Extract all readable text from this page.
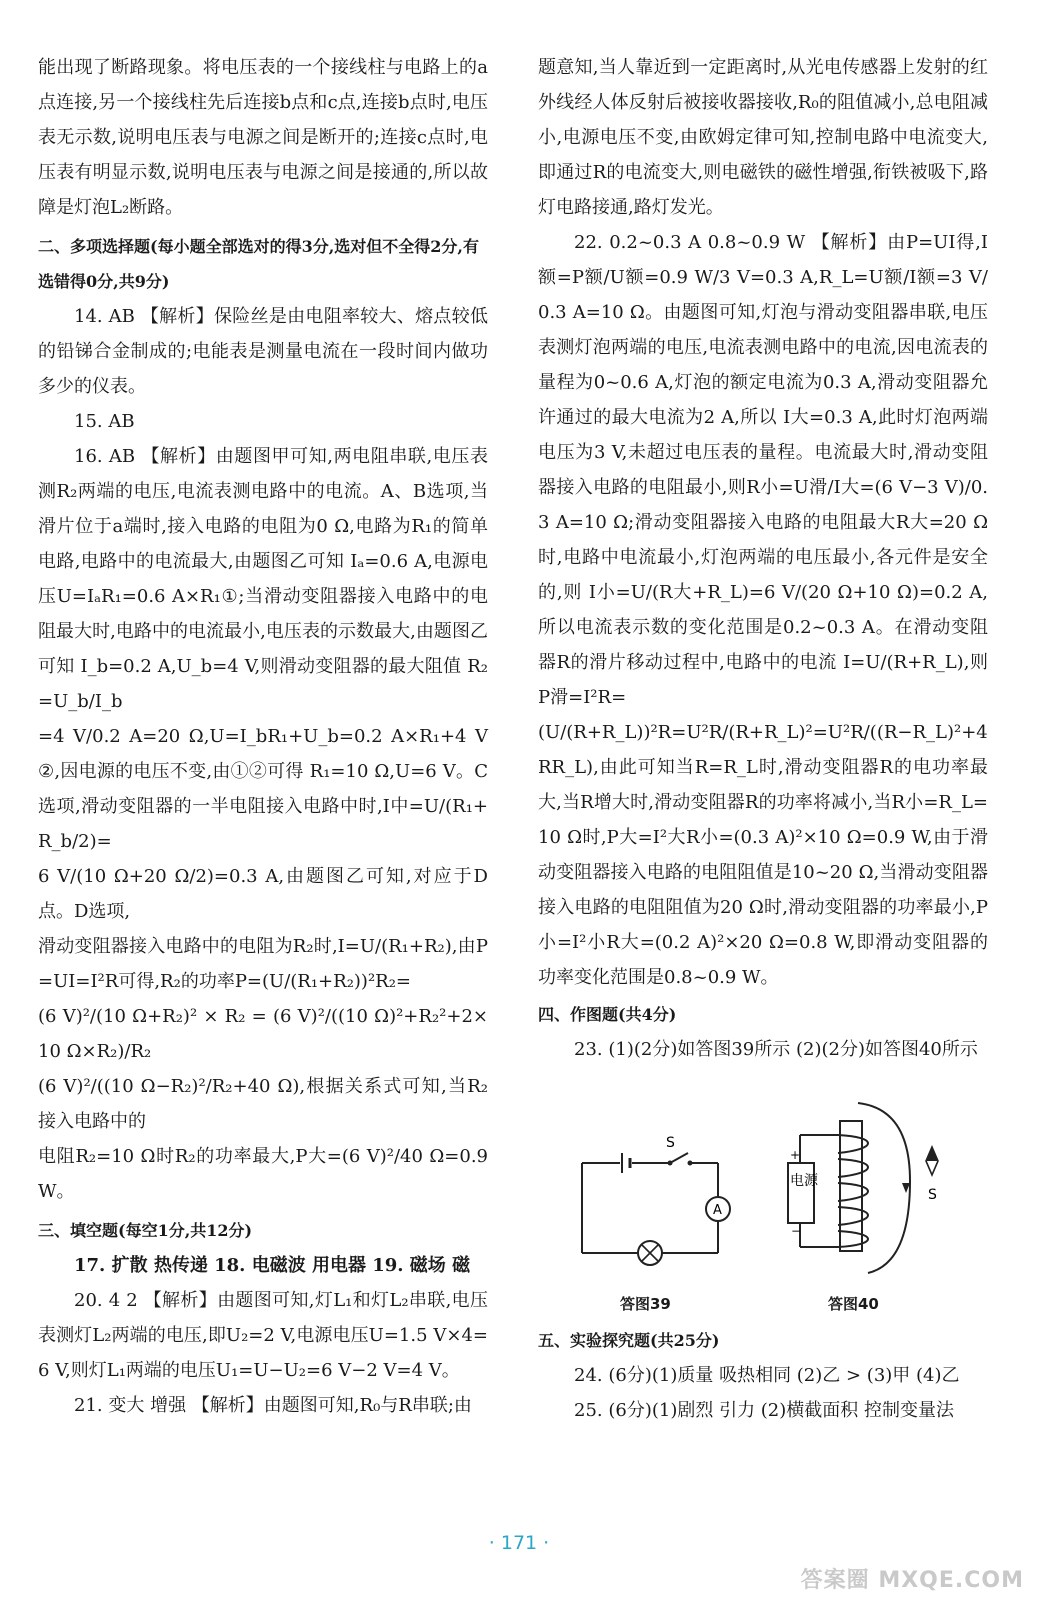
能出现了断路现象。将电压表的一个接线柱与电路上的a点连接,另一个接线柱先后连接b点和c点,连接b点时,电压表无示数,说明电压表与电源之间是断开的;连接c点时,电压表有明显示数,说明电压表与电源之间是接通的,所以故障是灯泡L₂断路。

二、多项选择题(每小题全部选对的得3分,选对但不全得2分,有选错得0分,共9分)

14. AB 【解析】保险丝是由电阻率较大、熔点较低的铅锑合金制成的;电能表是测量电流在一段时间内做功多少的仪表。

15. AB

16. AB 【解析】由题图甲可知,两电阻串联,电压表测R₂两端的电压,电流表测电路中的电流。A、B选项,当滑片位于a端时,接入电路的电阻为0 Ω,电路为R₁的简单电路,电路中的电流最大,由题图乙可知 Iₐ=0.6 A,电源电压U=IₐR₁=0.6 A×R₁①;当滑动变阻器接入电路中的电阻最大时,电路中的电流最小,电压表的示数最大,由题图乙可知 I_b=0.2 A,U_b=4 V,则滑动变阻器的最大阻值 R₂=U_b/I_b

=4 V/0.2 A=20 Ω,U=I_bR₁+U_b=0.2 A×R₁+4 V②,因电源的电压不变,由①②可得 R₁=10 Ω,U=6 V。C选项,滑动变阻器的一半电阻接入电路中时,I中=U/(R₁+R_b/2)=

6 V/(10 Ω+20 Ω/2)=0.3 A,由题图乙可知,对应于D点。D选项,

滑动变阻器接入电路中的电阻为R₂时,I=U/(R₁+R₂),由P=UI=I²R可得,R₂的功率P=(U/(R₁+R₂))²R₂=

(6 V)²/(10 Ω+R₂)² × R₂ = (6 V)²/((10 Ω)²+R₂²+2×10 Ω×R₂)/R₂

(6 V)²/((10 Ω−R₂)²/R₂+40 Ω),根据关系式可知,当R₂接入电路中的

电阻R₂=10 Ω时R₂的功率最大,P大=(6 V)²/40 Ω=0.9 W。

三、填空题(每空1分,共12分)

17. 扩散 热传递 18. 电磁波 用电器 19. 磁场 磁

20. 4 2 【解析】由题图可知,灯L₁和灯L₂串联,电压表测灯L₂两端的电压,即U₂=2 V,电源电压U=1.5 V×4=6 V,则灯L₁两端的电压U₁=U−U₂=6 V−2 V=4 V。

21. 变大 增强 【解析】由题图可知,R₀与R串联;由

题意知,当人靠近到一定距离时,从光电传感器上发射的红外线经人体反射后被接收器接收,R₀的阻值减小,总电阻减小,电源电压不变,由欧姆定律可知,控制电路中电流变大,即通过R的电流变大,则电磁铁的磁性增强,衔铁被吸下,路灯电路接通,路灯发光。

22. 0.2~0.3 A 0.8~0.9 W 【解析】由P=UI得,I额=P额/U额=0.9 W/3 V=0.3 A,R_L=U额/I额=3 V/0.3 A=10 Ω。由题图可知,灯泡与滑动变阻器串联,电压表测灯泡两端的电压,电流表测电路中的电流,因电流表的量程为0~0.6 A,灯泡的额定电流为0.3 A,滑动变阻器允许通过的最大电流为2 A,所以 I大=0.3 A,此时灯泡两端电压为3 V,未超过电压表的量程。电流最大时,滑动变阻器接入电路的电阻最小,则R小=U滑/I大=(6 V−3 V)/0.3 A=10 Ω;滑动变阻器接入电路的电阻最大R大=20 Ω时,电路中电流最小,灯泡两端的电压最小,各元件是安全的,则 I小=U/(R大+R_L)=6 V/(20 Ω+10 Ω)=0.2 A,所以电流表示数的变化范围是0.2~0.3 A。在滑动变阻器R的滑片移动过程中,电路中的电流 I=U/(R+R_L),则 P滑=I²R=

(U/(R+R_L))²R=U²R/(R+R_L)²=U²R/((R−R_L)²+4RR_L),由此可知当R=R_L时,滑动变阻器R的电功率最大,当R增大时,滑动变阻器R的功率将减小,当R小=R_L=10 Ω时,P大=I²大R小=(0.3 A)²×10 Ω=0.9 W,由于滑动变阻器接入电路的电阻阻值是10~20 Ω,当滑动变阻器接入电路的电阻阻值为20 Ω时,滑动变阻器的功率最小,P小=I²小R大=(0.2 A)²×20 Ω=0.8 W,即滑动变阻器的功率变化范围是0.8~0.9 W。

四、作图题(共4分)

23. (1)(2分)如答图39所示 (2)(2分)如答图40所示

S
A
电源
+
−
S
答图39	答图40

五、实验探究题(共25分)

24. (6分)(1)质量 吸热相同 (2)乙 > (3)甲 (4)乙

25. (6分)(1)剧烈 引力 (2)横截面积 控制变量法

· 171 ·
答案圈 MXQE.COM
